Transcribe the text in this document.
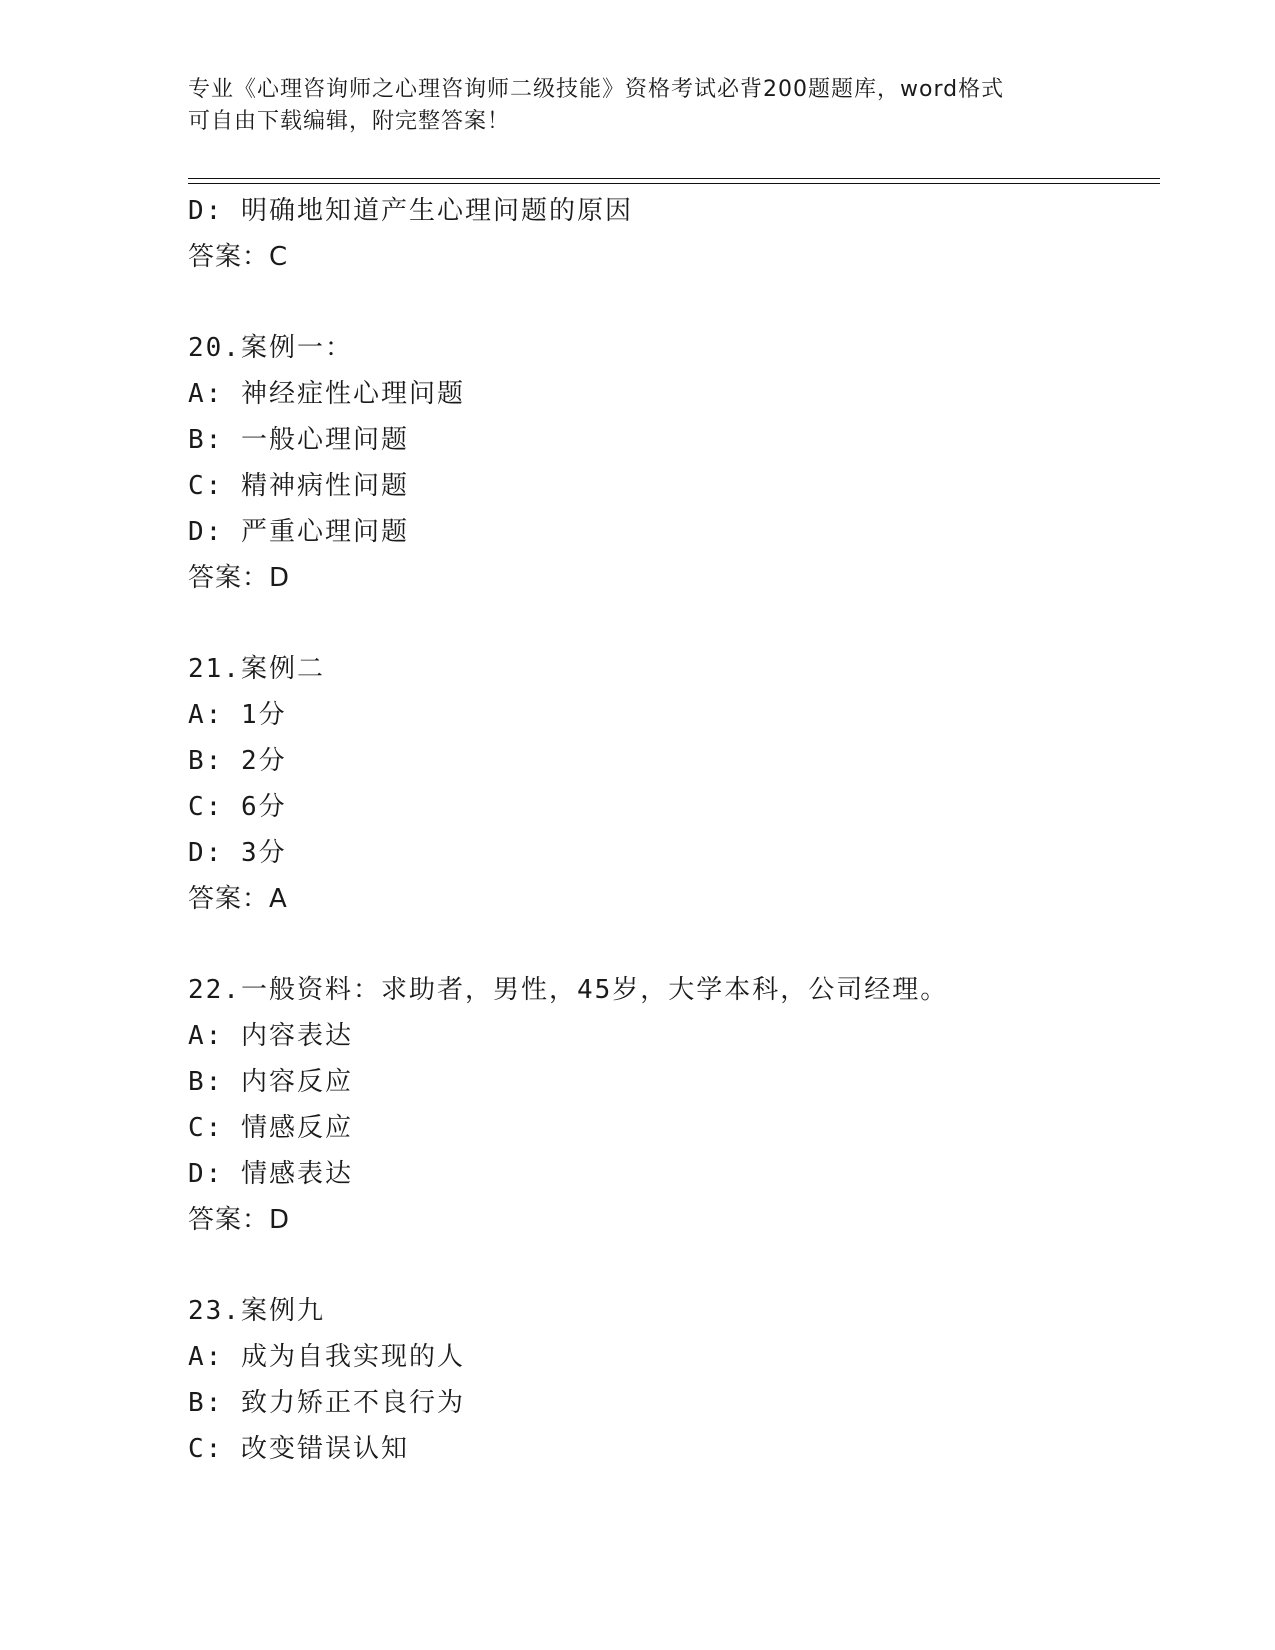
专业《心理咨询师之心理咨询师二级技能》资格考试必背200题题库，word格式
可自由下载编辑，附完整答案！
D: 明确地知道产生心理问题的原因
答案：C
20.案例一：
A: 神经症性心理问题
B: 一般心理问题
C: 精神病性问题
D: 严重心理问题
答案：D
21.案例二
A: 1分
B: 2分
C: 6分
D: 3分
答案：A
22.一般资料：求助者，男性，45岁，大学本科，公司经理。
A: 内容表达
B: 内容反应
C: 情感反应
D: 情感表达
答案：D
23.案例九
A: 成为自我实现的人
B: 致力矫正不良行为
C: 改变错误认知
